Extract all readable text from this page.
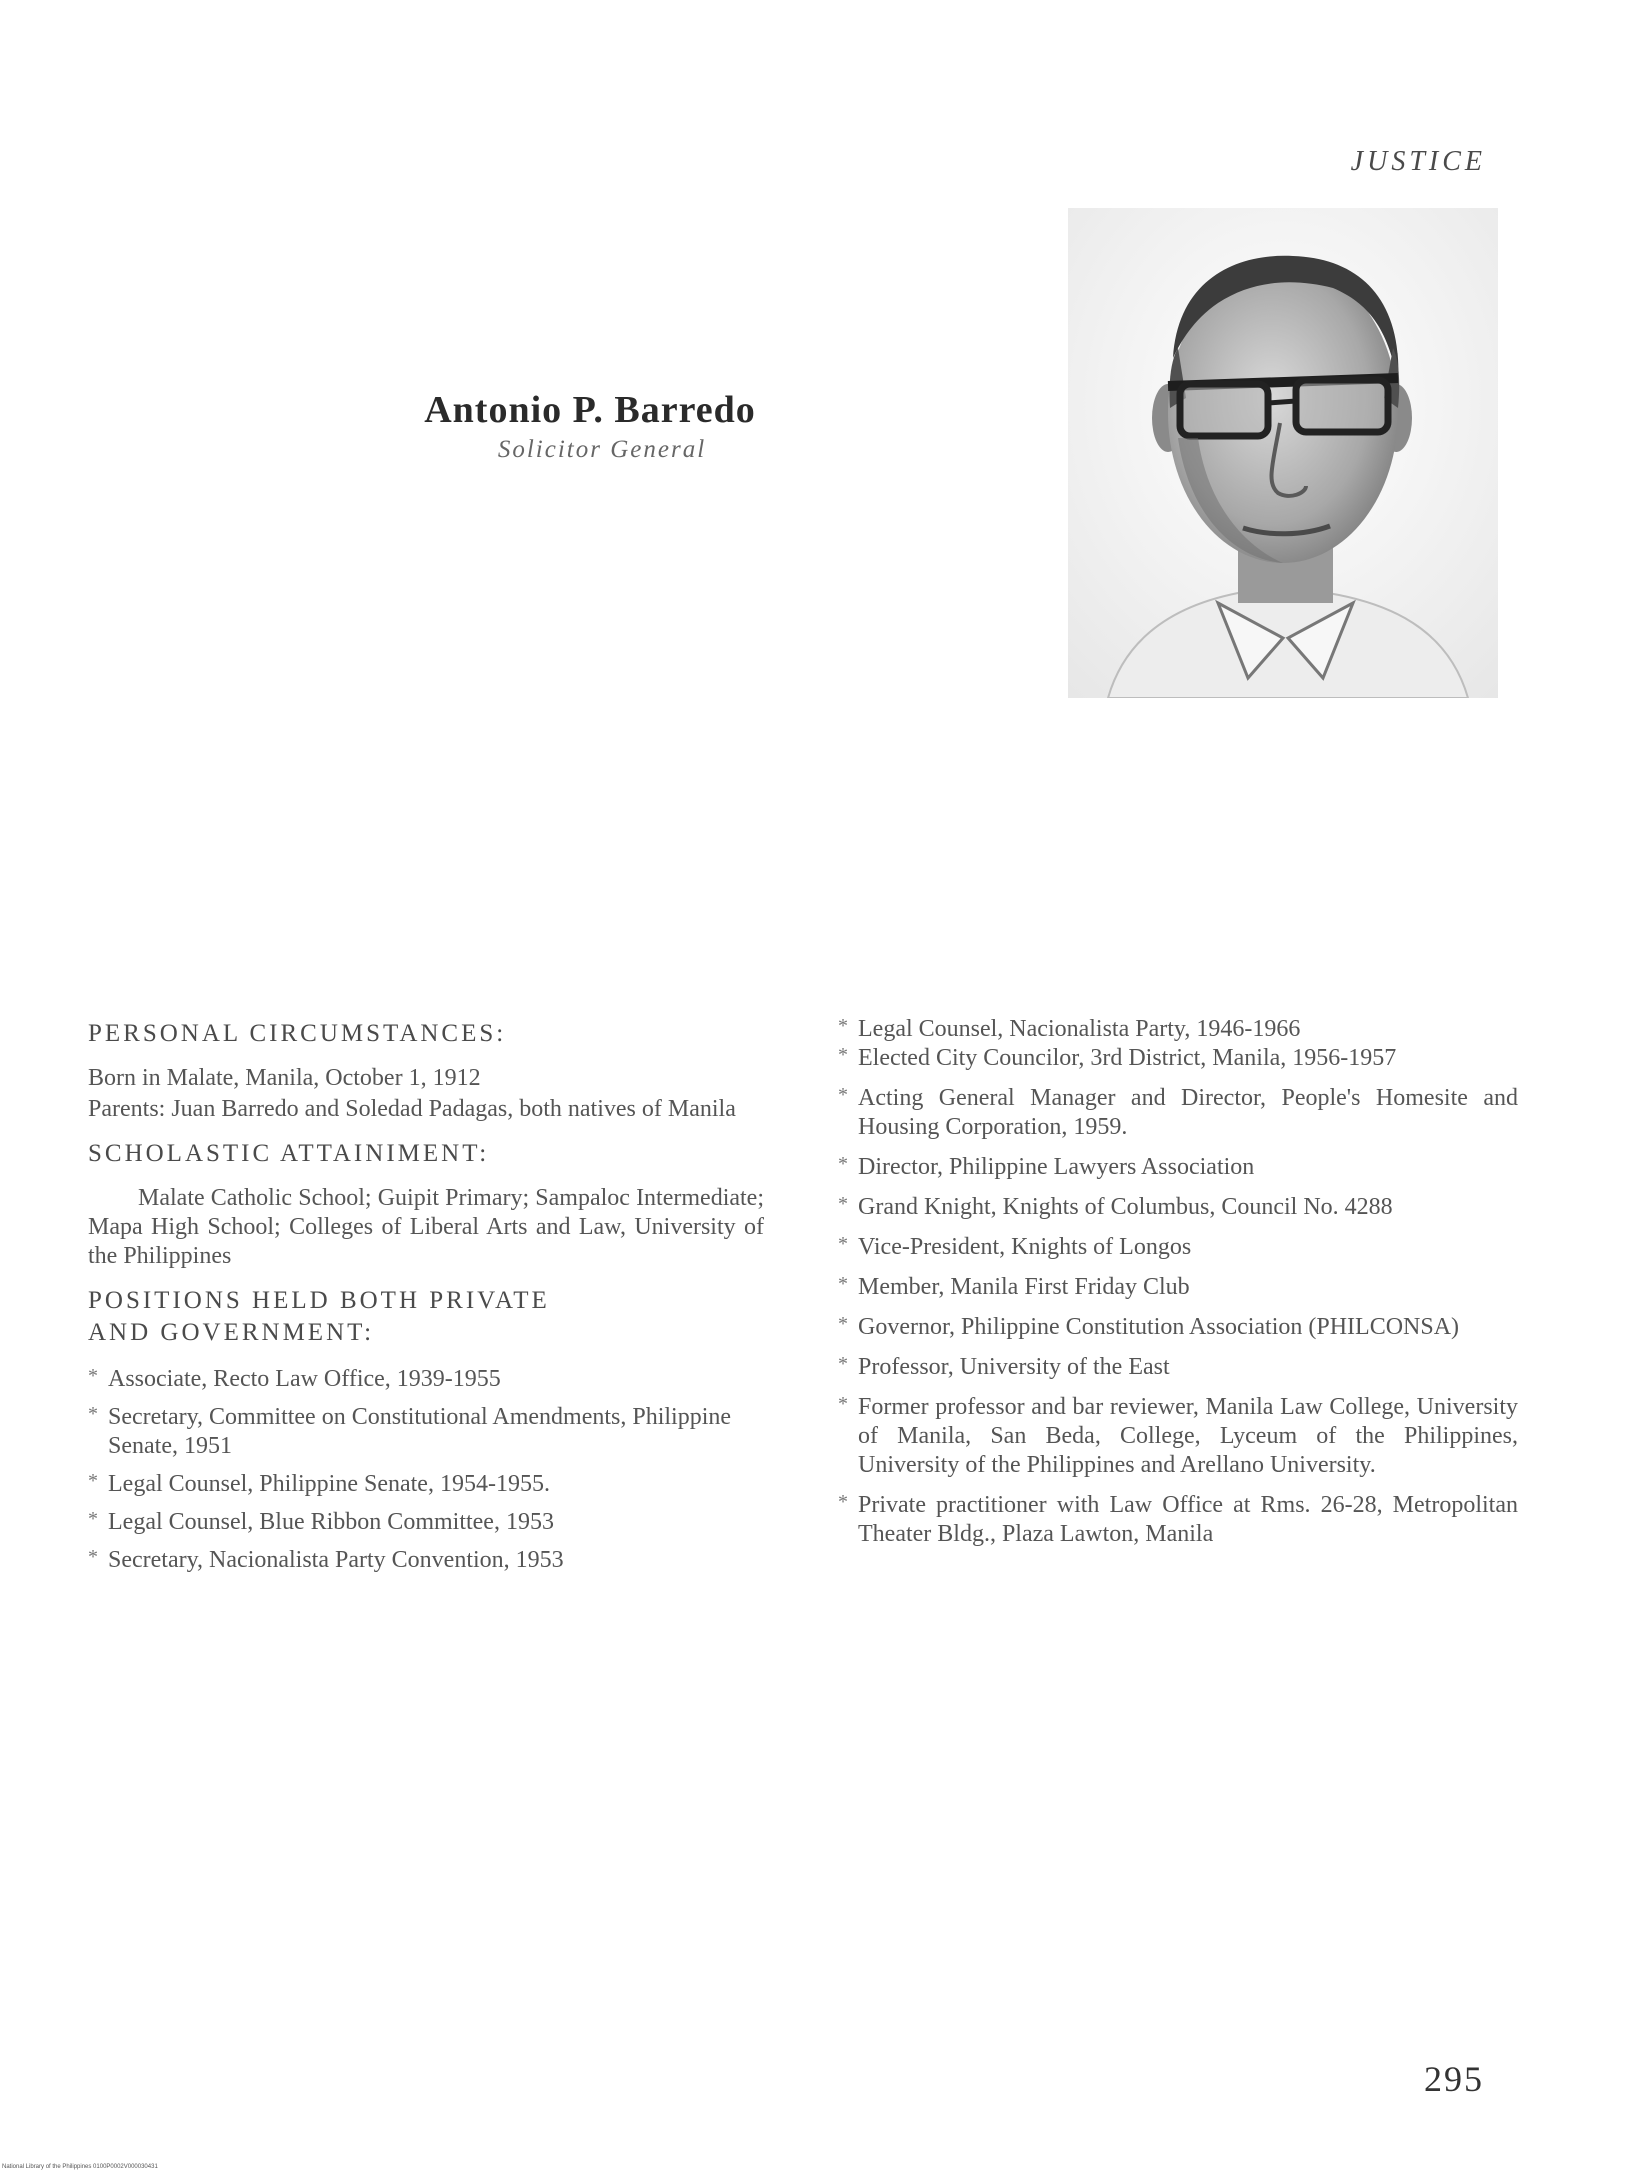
JUSTICE
Antonio P. Barredo
Solicitor General
PERSONAL CIRCUMSTANCES:

Born in Malate, Manila, October 1, 1912

Parents: Juan Barredo and Soledad Padagas, both natives of Manila

SCHOLASTIC ATTAINIMENT:

Malate Catholic School; Guipit Primary; Sampaloc Intermediate; Mapa High School; Colleges of Liberal Arts and Law, University of the Philippines

POSITIONS HELD BOTH PRIVATE
AND GOVERNMENT:
* Associate, Recto Law Office, 1939-1955
* Secretary, Committee on Constitutional Amendments, Philippine Senate, 1951
* Legal Counsel, Philippine Senate, 1954-1955.
* Legal Counsel, Blue Ribbon Committee, 1953
* Secretary, Nacionalista Party Convention, 1953
* Legal Counsel, Nacionalista Party, 1946-1966
* Elected City Councilor, 3rd District, Manila, 1956-1957
* Acting General Manager and Director, People's Homesite and Housing Corporation, 1959.
* Director, Philippine Lawyers Association
* Grand Knight, Knights of Columbus, Council No. 4288
* Vice-President, Knights of Longos
* Member, Manila First Friday Club
* Governor, Philippine Constitution Association (PHILCONSA)
* Professor, University of the East
* Former professor and bar reviewer, Manila Law College, University of Manila, San Beda, College, Lyceum of the Philippines, University of the Philippines and Arellano University.
* Private practitioner with Law Office at Rms. 26-28, Metropolitan Theater Bldg., Plaza Lawton, Manila
295
National Library of the Philippines 0100P0002V000030431
